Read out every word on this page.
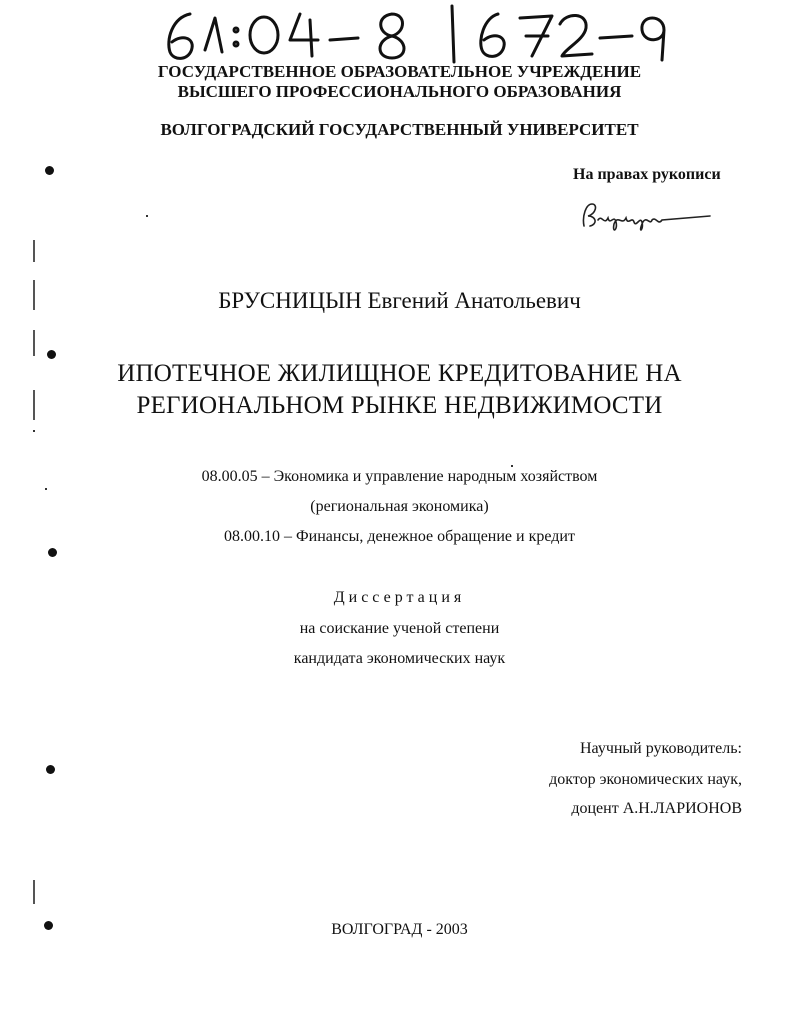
ГОСУДАРСТВЕННОЕ ОБРАЗОВАТЕЛЬНОЕ УЧРЕЖДЕНИЕ
ВЫСШЕГО ПРОФЕССИОНАЛЬНОГО ОБРАЗОВАНИЯ
ВОЛГОГРАДСКИЙ ГОСУДАРСТВЕННЫЙ УНИВЕРСИТЕТ
На правах рукописи
БРУСНИЦЫН Евгений Анатольевич
ИПОТЕЧНОЕ ЖИЛИЩНОЕ КРЕДИТОВАНИЕ НА
РЕГИОНАЛЬНОМ РЫНКЕ НЕДВИЖИМОСТИ
08.00.05 – Экономика и управление народным хозяйством
(региональная экономика)
08.00.10 – Финансы, денежное обращение и кредит
Диссертация
на соискание ученой степени
кандидата экономических наук
Научный руководитель:
доктор экономических наук,
доцент А.Н.ЛАРИОНОВ
ВОЛГОГРАД - 2003
